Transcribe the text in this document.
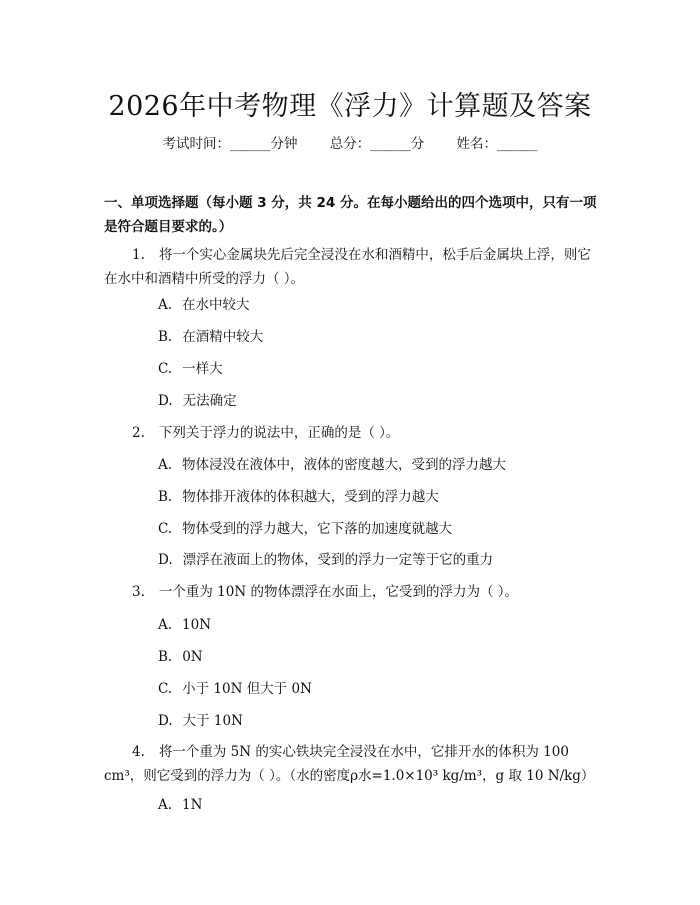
2026年中考物理《浮力》计算题及答案
考试时间：______分钟 总分：______分 姓名：______
一、单项选择题（每小题 3 分，共 24 分。在每小题给出的四个选项中，只有一项是符合题目要求的。）
1. 将一个实心金属块先后完全浸没在水和酒精中，松手后金属块上浮，则它在水中和酒精中所受的浮力（ ）。
A. 在水中较大
B. 在酒精中较大
C. 一样大
D. 无法确定
2. 下列关于浮力的说法中，正确的是（ ）。
A. 物体浸没在液体中，液体的密度越大，受到的浮力越大
B. 物体排开液体的体积越大，受到的浮力越大
C. 物体受到的浮力越大，它下落的加速度就越大
D. 漂浮在液面上的物体，受到的浮力一定等于它的重力
3. 一个重为 10N 的物体漂浮在水面上，它受到的浮力为（ ）。
A. 10N
B. 0N
C. 小于 10N 但大于 0N
D. 大于 10N
4. 将一个重为 5N 的实心铁块完全浸没在水中，它排开水的体积为 100 cm³，则它受到的浮力为（ ）。（水的密度ρ水=1.0×10³ kg/m³，g 取 10 N/kg）
A. 1N
